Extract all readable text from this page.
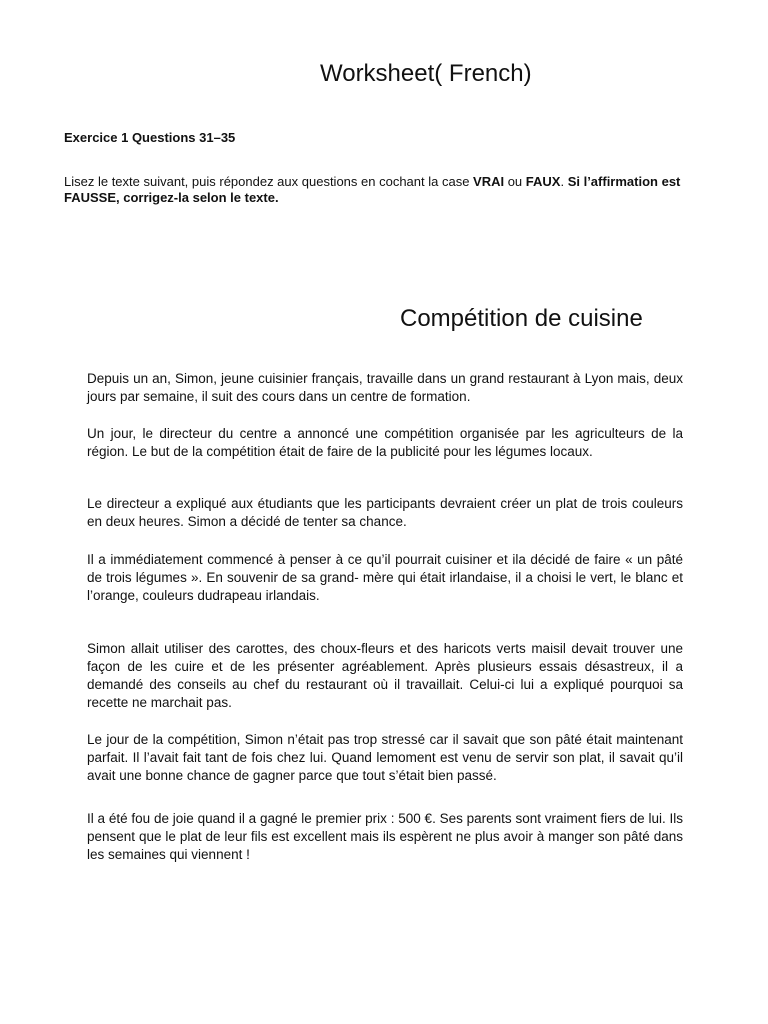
Worksheet( French)
Exercice 1 Questions 31–35
Lisez le texte suivant, puis répondez aux questions en cochant la case VRAI ou FAUX. Si l’affirmation est FAUSSE, corrigez-la selon le texte.
Compétition de cuisine

Depuis un an, Simon, jeune cuisinier français, travaille dans un grand restaurant à Lyon mais, deux jours par semaine, il suit des cours dans un centre de formation.

Un jour, le directeur du centre a annoncé une compétition organisée par les agriculteurs de la région. Le but de la compétition était de faire de la publicité pour les légumes locaux.

Le directeur a expliqué aux étudiants que les participants devraient créer un plat de trois couleurs en deux heures. Simon a décidé de tenter sa chance.

Il a immédiatement commencé à penser à ce qu’il pourrait cuisiner et ila décidé de faire « un pâté de trois légumes ». En souvenir de sa grand- mère qui était irlandaise, il a choisi le vert, le blanc et l’orange, couleurs dudrapeau irlandais.

Simon allait utiliser des carottes, des choux-fleurs et des haricots verts maisil devait trouver une façon de les cuire et de les présenter agréablement. Après plusieurs essais désastreux, il a demandé des conseils au chef du restaurant où il travaillait. Celui-ci lui a expliqué pourquoi sa recette ne marchait pas.

Le jour de la compétition, Simon n’était pas trop stressé car il savait que son pâté était maintenant parfait. Il l’avait fait tant de fois chez lui. Quand lemoment est venu de servir son plat, il savait qu’il avait une bonne chance de gagner parce que tout s’était bien passé.

Il a été fou de joie quand il a gagné le premier prix : 500 €. Ses parents sont vraiment fiers de lui. Ils pensent que le plat de leur fils est excellent mais ils espèrent ne plus avoir à manger son pâté dans les semaines qui viennent !
